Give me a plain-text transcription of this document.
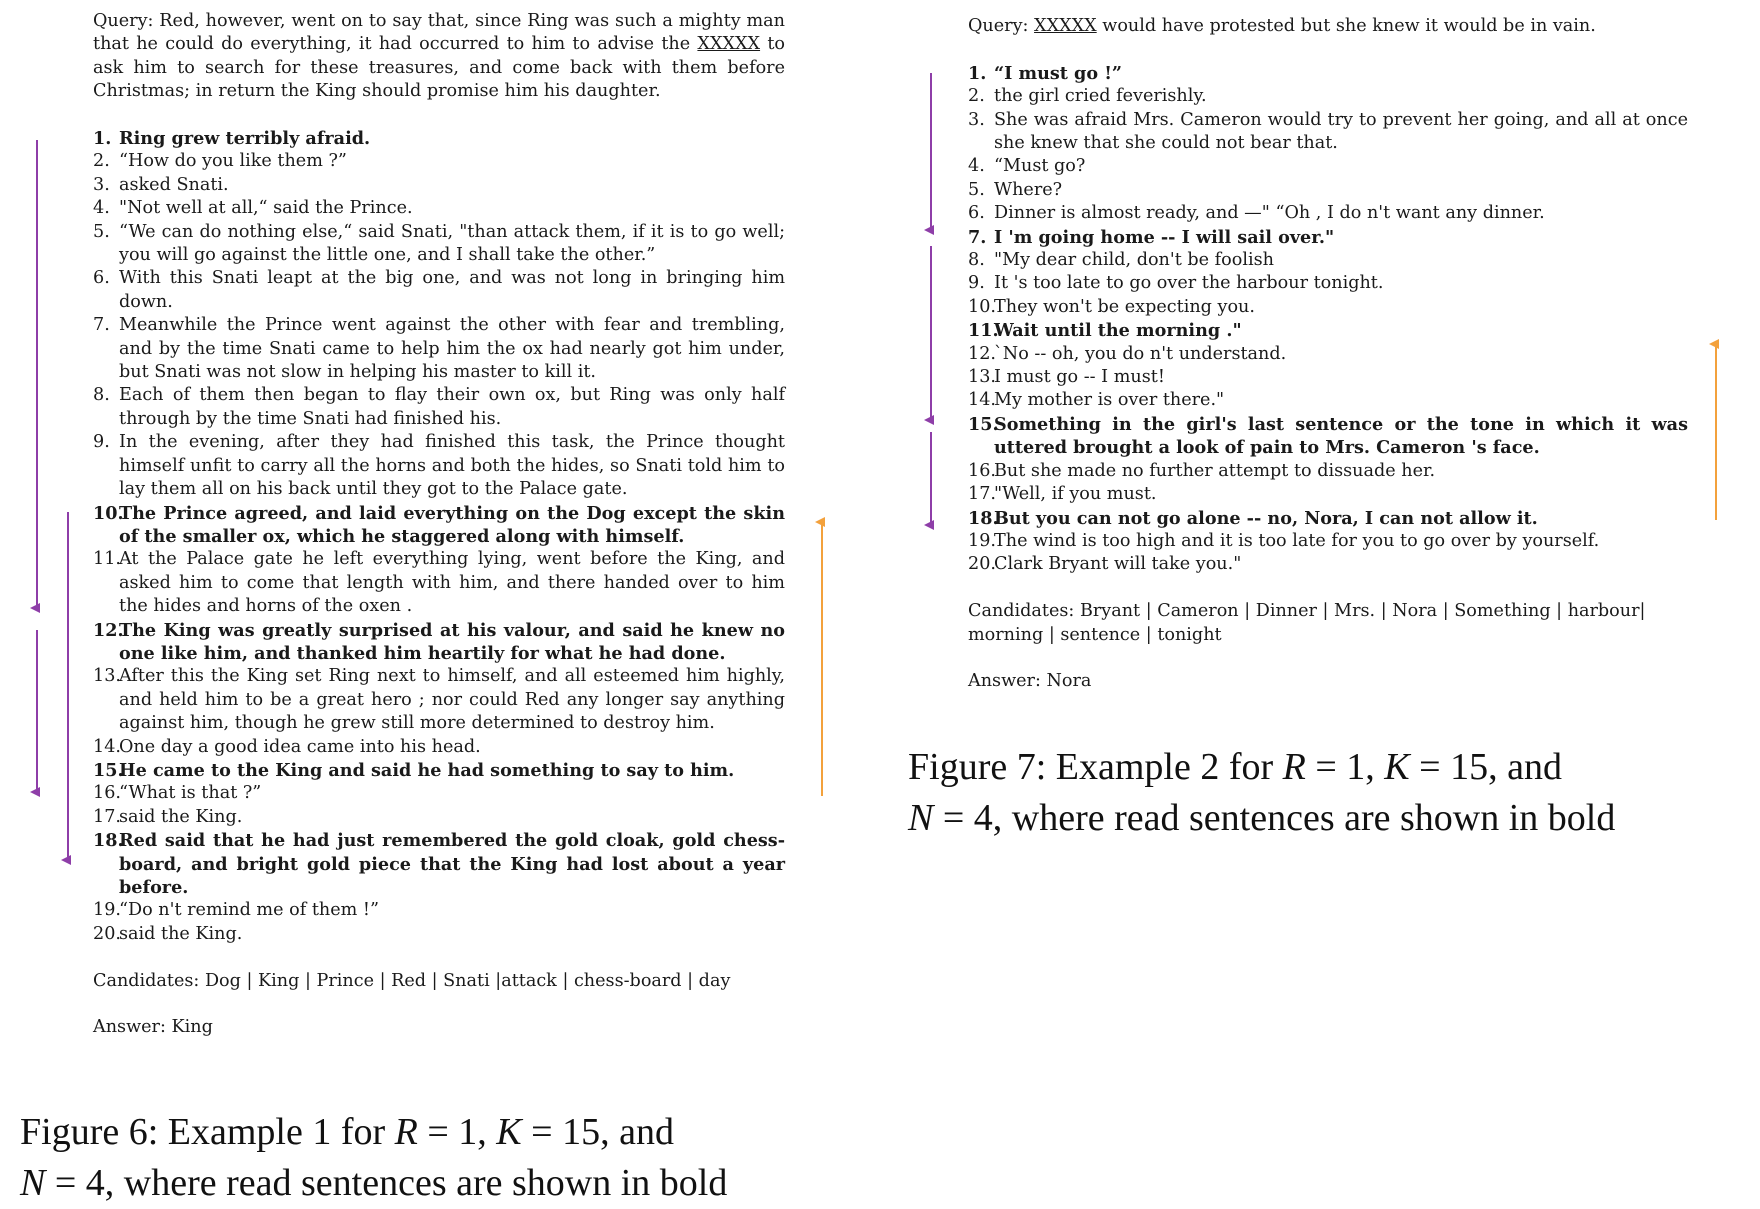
Query: Red, however, went on to say that, since Ring was such a mighty man that he could do everything, it had occurred to him to advise the XXXXX to ask him to search for these treasures, and come back with them before Christmas; in return the King should promise him his daughter.
1. Ring grew terribly afraid.
2. “How do you like them ?”
3. asked Snati.
4. "Not well at all,“ said the Prince.
5. “We can do nothing else,“ said Snati, "than attack them, if it is to go well; you will go against the little one, and I shall take the other.”
6. With this Snati leapt at the big one, and was not long in bringing him down.
7. Meanwhile the Prince went against the other with fear and trembling, and by the time Snati came to help him the ox had nearly got him under, but Snati was not slow in helping his master to kill it.
8. Each of them then began to flay their own ox, but Ring was only half through by the time Snati had finished his.
9. In the evening, after they had finished this task, the Prince thought himself unfit to carry all the horns and both the hides, so Snati told him to lay them all on his back until they got to the Palace gate.
10.
The Prince agreed, and laid everything on the Dog except the skin of the smaller ox, which he staggered along with himself.
11.
At the Palace gate he left everything lying, went before the King, and asked him to come that length with him, and there handed over to him the hides and horns of the oxen .
12.
The King was greatly surprised at his valour, and said he knew no one like him, and thanked him heartily for what he had done.
13.
After this the King set Ring next to himself, and all esteemed him highly, and held him to be a great hero ; nor could Red any longer say anything against him, though he grew still more determined to destroy him.
14.
One day a good idea came into his head.
15.
He came to the King and said he had something to say to him.
16.
“What is that ?”
17.
said the King.
18.
Red said that he had just remembered the gold cloak, gold chess-board, and bright gold piece that the King had lost about a year before.
19.
“Do n't remind me of them !”
20.
said the King.
Candidates: Dog | King | Prince | Red | Snati |attack | chess-board | day
Answer: King
Query: XXXXX would have protested but she knew it would be in vain.
1. “I must go !”
2. the girl cried feverishly.
3. She was afraid Mrs. Cameron would try to prevent her going, and all at once she knew that she could not bear that.
4. “Must go?
5. Where?
6. Dinner is almost ready, and —" “Oh , I do n't want any dinner.
7. I 'm going home -- I will sail over."
8. "My dear child, don't be foolish
9. It 's too late to go over the harbour tonight.
10.
They won't be expecting you.
11.
Wait until the morning ."
12.
`No -- oh, you do n't understand.
13.
I must go -- I must!
14.
My mother is over there."
15.
Something in the girl's last sentence or the tone in which it was uttered brought a look of pain to Mrs. Cameron 's face.
16.
But she made no further attempt to dissuade her.
17.
"Well, if you must.
18.
But you can not go alone -- no, Nora, I can not allow it.
19.
The wind is too high and it is too late for you to go over by yourself.
20.
Clark Bryant will take you."
Candidates: Bryant | Cameron | Dinner | Mrs. | Nora | Something | harbour| morning | sentence | tonight
Answer: Nora
Figure 6: Example 1 for R = 1, K = 15, and
N = 4, where read sentences are shown in bold
Figure 7: Example 2 for R = 1, K = 15, and
N = 4, where read sentences are shown in bold
